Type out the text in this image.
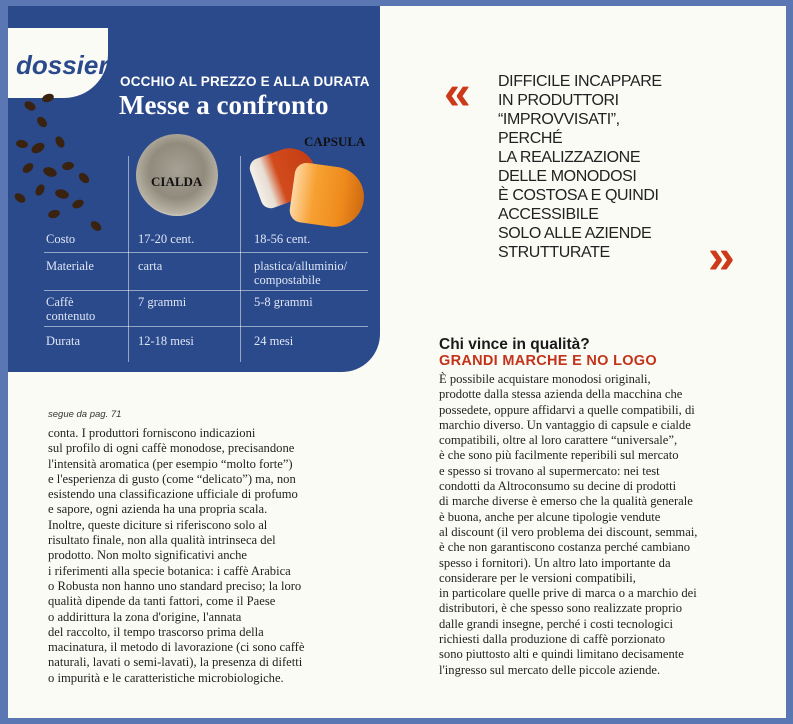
dossier
OCCHIO AL PREZZO E ALLA DURATA
Messe a confronto
CIALDA
CAPSULA
Costo	17-20 cent.	18-56 cent.
Materiale	carta	plastica/alluminio/
compostabile
Caffè
contenuto
7 grammi	5-8 grammi
Durata	12-18 mesi	24 mesi
« DIFFICILE INCAPPARE
IN PRODUTTORI
“IMPROVVISATI”,
PERCHÉ
LA REALIZZAZIONE
DELLE MONODOSI
È COSTOSA E QUINDI
ACCESSIBILE
SOLO ALLE AZIENDE
STRUTTURATE	»
segue da pag. 71
conta. I produttori forniscono indicazioni
sul profilo di ogni caffè monodose, precisandone
l'intensità aromatica (per esempio “molto forte”)
e l'esperienza di gusto (come “delicato”) ma, non
esistendo una classificazione ufficiale di profumo
e sapore, ogni azienda ha una propria scala.
Inoltre, queste diciture si riferiscono solo al
risultato finale, non alla qualità intrinseca del
prodotto. Non molto significativi anche
i riferimenti alla specie botanica: i caffè Arabica
o Robusta non hanno uno standard preciso; la loro
qualità dipende da tanti fattori, come il Paese
o addirittura la zona d'origine, l'annata
del raccolto, il tempo trascorso prima della
macinatura, il metodo di lavorazione (ci sono caffè
naturali, lavati o semi-lavati), la presenza di difetti
o impurità e le caratteristiche microbiologiche.
Chi vince in qualità?
GRANDI MARCHE E NO LOGO
È possibile acquistare monodosi originali,
prodotte dalla stessa azienda della macchina che
possedete, oppure affidarvi a quelle compatibili, di
marchio diverso. Un vantaggio di capsule e cialde
compatibili, oltre al loro carattere “universale”,
è che sono più facilmente reperibili sul mercato
e spesso si trovano al supermercato: nei test
condotti da Altroconsumo su decine di prodotti
di marche diverse è emerso che la qualità generale
è buona, anche per alcune tipologie vendute
al discount (il vero problema dei discount, semmai,
è che non garantiscono costanza perché cambiano
spesso i fornitori). Un altro lato importante da
considerare per le versioni compatibili,
in particolare quelle prive di marca o a marchio dei
distributori, è che spesso sono realizzate proprio
dalle grandi insegne, perché i costi tecnologici
richiesti dalla produzione di caffè porzionato
sono piuttosto alti e quindi limitano decisamente
l'ingresso sul mercato delle piccole aziende.
